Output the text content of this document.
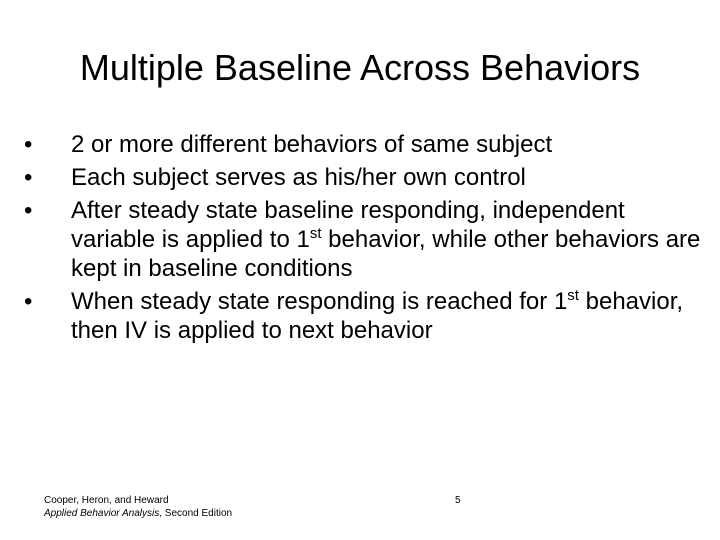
Multiple Baseline Across Behaviors
•	2 or more different behaviors of same subject
•	Each subject serves as his/her own control
•	After steady state baseline responding, independent variable is applied to 1st behavior, while other behaviors are kept in baseline conditions
•	When steady state responding is reached for 1st behavior, then IV is applied to next behavior
Cooper, Heron, and Heward
Applied Behavior Analysis, Second Edition
5
